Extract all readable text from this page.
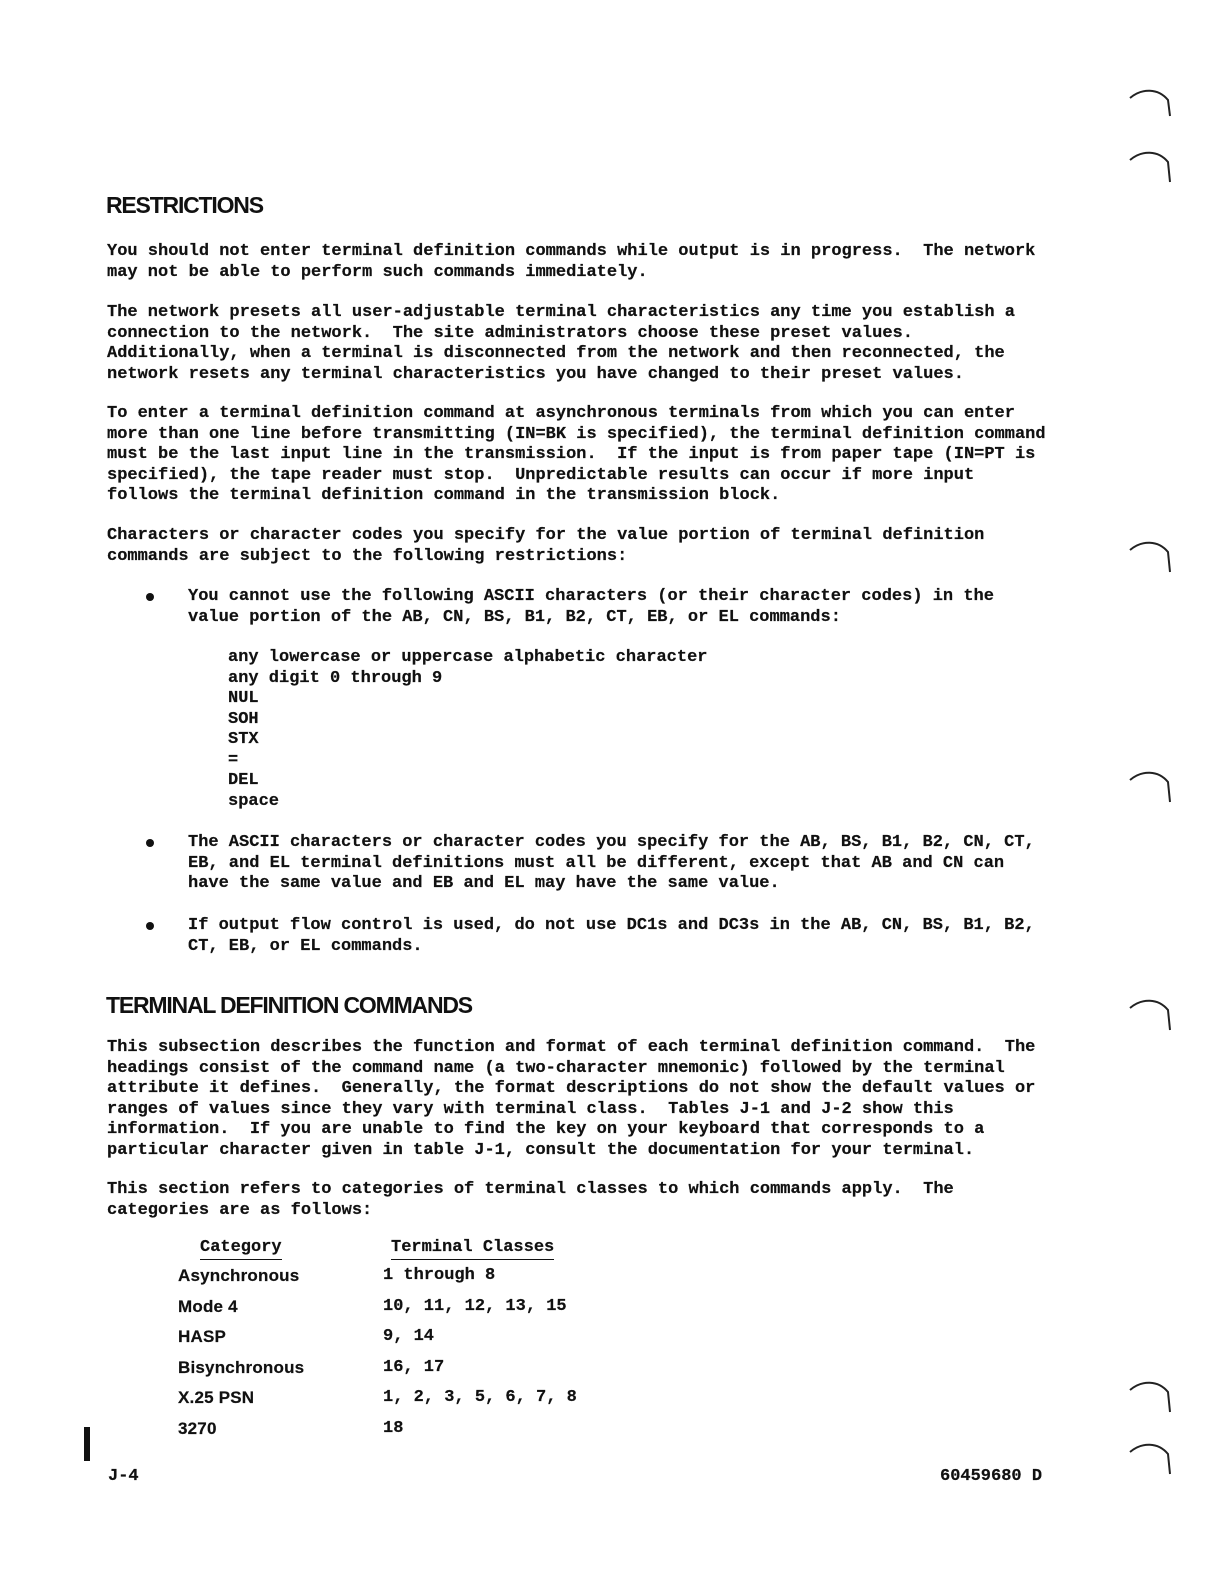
RESTRICTIONS

You should not enter terminal definition commands while output is in progress.  The network
may not be able to perform such commands immediately.

The network presets all user-adjustable terminal characteristics any time you establish a
connection to the network.  The site administrators choose these preset values.
Additionally, when a terminal is disconnected from the network and then reconnected, the
network resets any terminal characteristics you have changed to their preset values.

To enter a terminal definition command at asynchronous terminals from which you can enter
more than one line before transmitting (IN=BK is specified), the terminal definition command
must be the last input line in the transmission.  If the input is from paper tape (IN=PT is
specified), the tape reader must stop.  Unpredictable results can occur if more input
follows the terminal definition command in the transmission block.

Characters or character codes you specify for the value portion of terminal definition
commands are subject to the following restrictions:

You cannot use the following ASCII characters (or their character codes) in the
value portion of the AB, CN, BS, B1, B2, CT, EB, or EL commands:

any lowercase or uppercase alphabetic character
any digit 0 through 9
NUL
SOH
STX
=
DEL
space

The ASCII characters or character codes you specify for the AB, BS, B1, B2, CN, CT,
EB, and EL terminal definitions must all be different, except that AB and CN can
have the same value and EB and EL may have the same value.

If output flow control is used, do not use DC1s and DC3s in the AB, CN, BS, B1, B2,
CT, EB, or EL commands.

TERMINAL DEFINITION COMMANDS

This subsection describes the function and format of each terminal definition command.  The
headings consist of the command name (a two-character mnemonic) followed by the terminal
attribute it defines.  Generally, the format descriptions do not show the default values or
ranges of values since they vary with terminal class.  Tables J-1 and J-2 show this
information.  If you are unable to find the key on your keyboard that corresponds to a
particular character given in table J-1, consult the documentation for your terminal.

This section refers to categories of terminal classes to which commands apply.  The
categories are as follows:

Category	Terminal Classes
Asynchronous	1 through 8
Mode 4	10, 11, 12, 13, 15
HASP	9, 14
Bisynchronous	16, 17
X.25 PSN	1, 2, 3, 5, 6, 7, 8
3270	18

J-4	60459680 D
